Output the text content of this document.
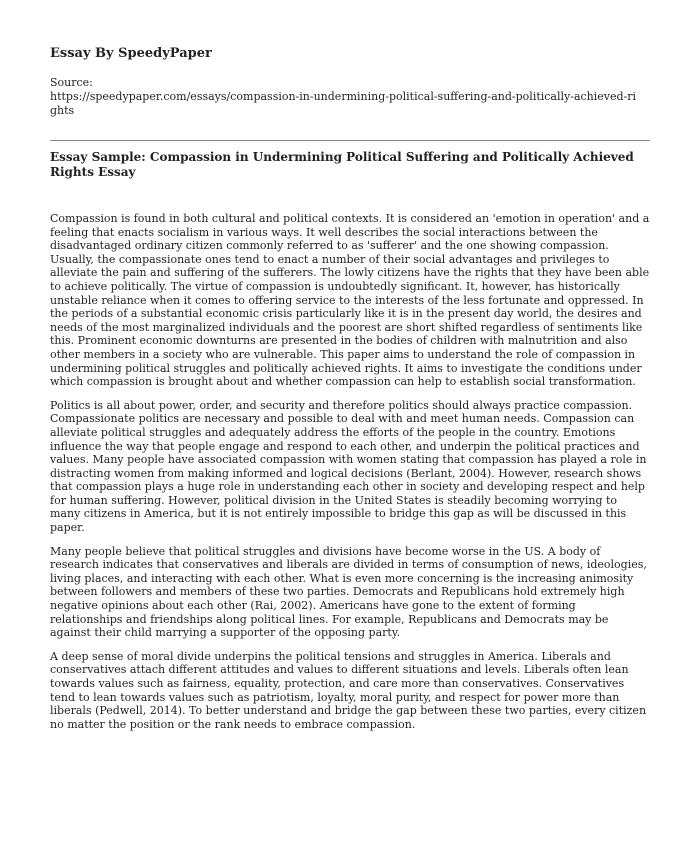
Essay By SpeedyPaper
Source:
https://speedypaper.com/essays/compassion-in-undermining-political-suffering-and-politically-achieved-rights
Essay Sample: Compassion in Undermining Political Suffering and Politically Achieved Rights Essay

Compassion is found in both cultural and political contexts. It is considered an 'emotion in operation' and a feeling that enacts socialism in various ways. It well describes the social interactions between the disadvantaged ordinary citizen commonly referred to as 'sufferer' and the one showing compassion. Usually, the compassionate ones tend to enact a number of their social advantages and privileges to alleviate the pain and suffering of the sufferers. The lowly citizens have the rights that they have been able to achieve politically. The virtue of compassion is undoubtedly significant. It, however, has historically unstable reliance when it comes to offering service to the interests of the less fortunate and oppressed. In the periods of a substantial economic crisis particularly like it is in the present day world, the desires and needs of the most marginalized individuals and the poorest are short shifted regardless of sentiments like this. Prominent economic downturns are presented in the bodies of children with malnutrition and also other members in a society who are vulnerable. This paper aims to understand the role of compassion in undermining political struggles and politically achieved rights. It aims to investigate the conditions under which compassion is brought about and whether compassion can help to establish social transformation.

Politics is all about power, order, and security and therefore politics should always practice compassion. Compassionate politics are necessary and possible to deal with and meet human needs. Compassion can alleviate political struggles and adequately address the efforts of the people in the country. Emotions influence the way that people engage and respond to each other, and underpin the political practices and values. Many people have associated compassion with women stating that compassion has played a role in distracting women from making informed and logical decisions (Berlant, 2004). However, research shows that compassion plays a huge role in understanding each other in society and developing respect and help for human suffering. However, political division in the United States is steadily becoming worrying to many citizens in America, but it is not entirely impossible to bridge this gap as will be discussed in this paper.

Many people believe that political struggles and divisions have become worse in the US. A body of research indicates that conservatives and liberals are divided in terms of consumption of news, ideologies, living places, and interacting with each other. What is even more concerning is the increasing animosity between followers and members of these two parties. Democrats and Republicans hold extremely high negative opinions about each other (Rai, 2002). Americans have gone to the extent of forming relationships and friendships along political lines. For example, Republicans and Democrats may be against their child marrying a supporter of the opposing party.

A deep sense of moral divide underpins the political tensions and struggles in America. Liberals and conservatives attach different attitudes and values to different situations and levels. Liberals often lean towards values such as fairness, equality, protection, and care more than conservatives. Conservatives tend to lean towards values such as patriotism, loyalty, moral purity, and respect for power more than liberals (Pedwell, 2014). To better understand and bridge the gap between these two parties, every citizen no matter the position or the rank needs to embrace compassion.
